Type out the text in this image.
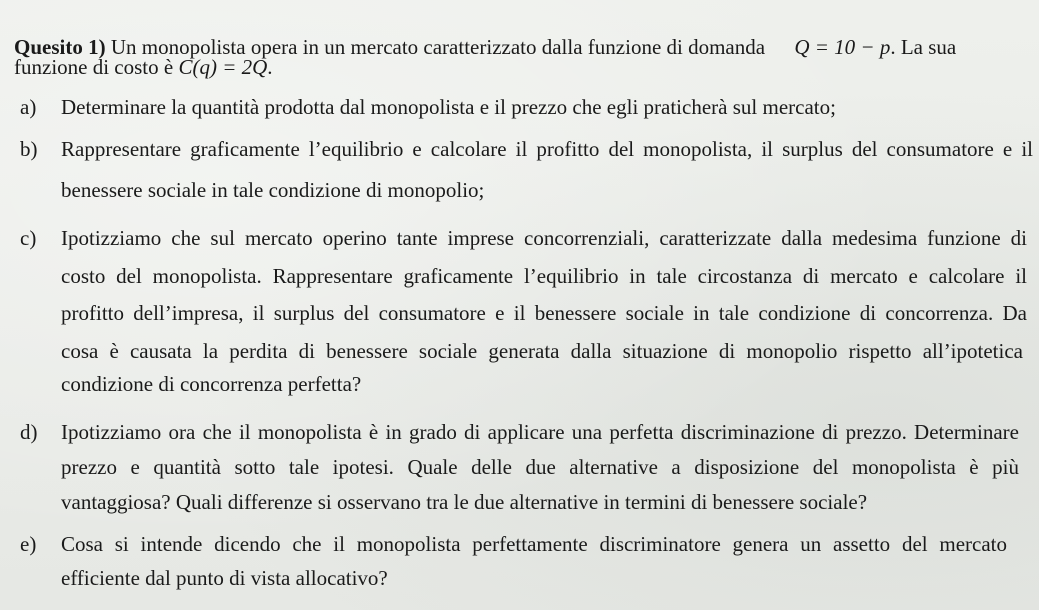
Quesito 1) Un monopolista opera in un mercato caratterizzato dalla funzione di domanda Q = 10 − p. La sua
funzione di costo è C(q) = 2Q.
a) Determinare la quantità prodotta dal monopolista e il prezzo che egli praticherà sul mercato;
b) Rappresentare graficamente l’equilibrio e calcolare il profitto del monopolista, il surplus del consumatore e il
benessere sociale in tale condizione di monopolio;
c) Ipotizziamo che sul mercato operino tante imprese concorrenziali, caratterizzate dalla medesima funzione di
costo del monopolista. Rappresentare graficamente l’equilibrio in tale circostanza di mercato e calcolare il
profitto dell’impresa, il surplus del consumatore e il benessere sociale in tale condizione di concorrenza. Da
cosa è causata la perdita di benessere sociale generata dalla situazione di monopolio rispetto all’ipotetica
condizione di concorrenza perfetta?
d) Ipotizziamo ora che il monopolista è in grado di applicare una perfetta discriminazione di prezzo. Determinare
prezzo e quantità sotto tale ipotesi. Quale delle due alternative a disposizione del monopolista è più
vantaggiosa? Quali differenze si osservano tra le due alternative in termini di benessere sociale?
e) Cosa si intende dicendo che il monopolista perfettamente discriminatore genera un assetto del mercato
efficiente dal punto di vista allocativo?
